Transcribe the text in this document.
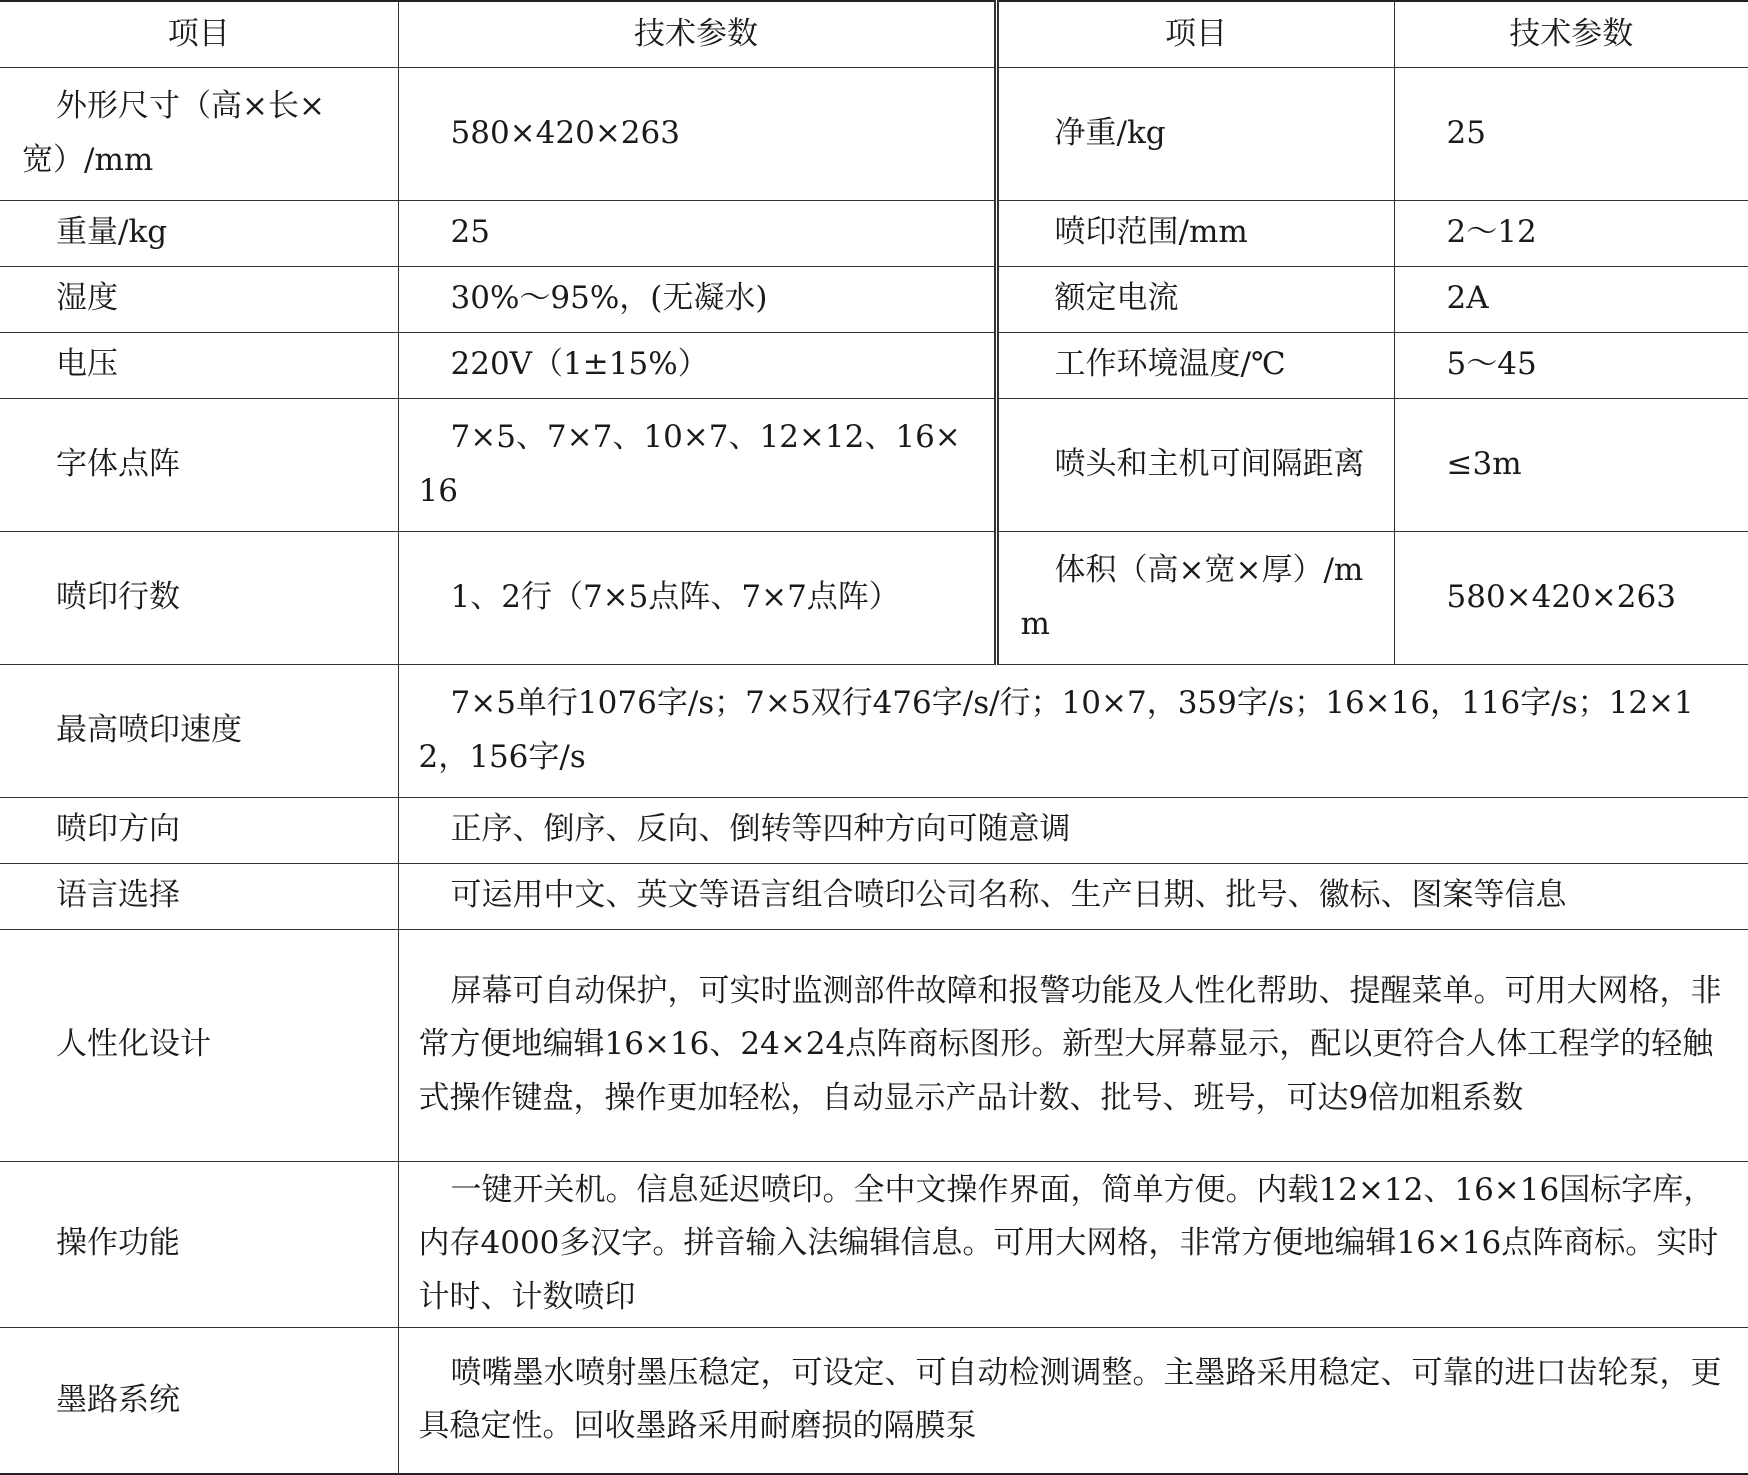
项目	技术参数	项目	技术参数
外形尺寸（高×长×宽）/mm	580×420×263	净重/kg	25
重量/kg	25	喷印范围/mm	2～12
湿度	30%～95%，(无凝水)	额定电流	2A
电压	220V（1±15%）	工作环境温度/℃	5～45
字体点阵	7×5、7×7、10×7、12×12、16×16	喷头和主机可间隔距离	≤3m
喷印行数	1、2行（7×5点阵、7×7点阵）	体积（高×宽×厚）/mm	580×420×263
最高喷印速度	7×5单行1076字/s；7×5双行476字/s/行；10×7，359字/s；16×16，116字/s；12×12，156字/s		
喷印方向	正序、倒序、反向、倒转等四种方向可随意调		
语言选择	可运用中文、英文等语言组合喷印公司名称、生产日期、批号、徽标、图案等信息		
人性化设计	屏幕可自动保护，可实时监测部件故障和报警功能及人性化帮助、提醒菜单。可用大网格，非常方便地编辑16×16、24×24点阵商标图形。新型大屏幕显示，配以更符合人体工程学的轻触式操作键盘，操作更加轻松，自动显示产品计数、批号、班号，可达9倍加粗系数		
操作功能	一键开关机。信息延迟喷印。全中文操作界面，简单方便。内载12×12、16×16国标字库，内存4000多汉字。拼音输入法编辑信息。可用大网格，非常方便地编辑16×16点阵商标。实时计时、计数喷印		
墨路系统	喷嘴墨水喷射墨压稳定，可设定、可自动检测调整。主墨路采用稳定、可靠的进口齿轮泵，更具稳定性。回收墨路采用耐磨损的隔膜泵		
